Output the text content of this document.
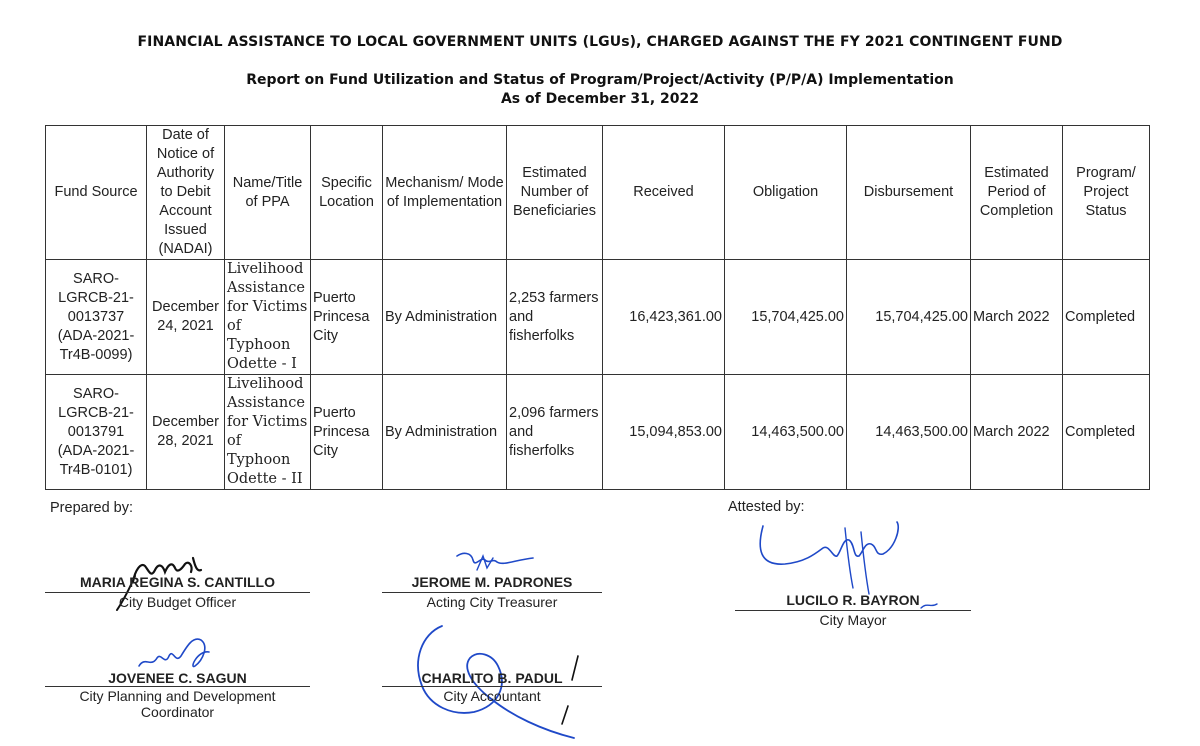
FINANCIAL ASSISTANCE TO LOCAL GOVERNMENT UNITS (LGUs), CHARGED AGAINST THE FY 2021 CONTINGENT FUND
Report on Fund Utilization and Status of Program/Project/Activity (P/P/A) Implementation
As of December 31, 2022
Fund Source	Date of Notice of Authority to Debit Account Issued (NADAI)	Name/Title of PPA	Specific Location	Mechanism/ Mode of Implementation	Estimated Number of Beneficiaries	Received	Obligation	Disbursement	Estimated Period of Completion	Program/ Project Status
SARO-LGRCB-21-0013737 (ADA-2021-Tr4B-0099)	December 24, 2021	Livelihood Assistance for Victims of Typhoon Odette - I	Puerto Princesa City	By Administration	2,253 farmers and fisherfolks	16,423,361.00	15,704,425.00	15,704,425.00	March 2022	Completed
SARO-LGRCB-21-0013791 (ADA-2021-Tr4B-0101)	December 28, 2021	Livelihood Assistance for Victims of Typhoon Odette - II	Puerto Princesa City	By Administration	2,096 farmers and fisherfolks	15,094,853.00	14,463,500.00	14,463,500.00	March 2022	Completed
Prepared by:	Attested by:
MARIA REGINA S. CANTILLO
City Budget Officer
JEROME M. PADRONES
Acting City Treasurer	LUCILO R. BAYRON
City Mayor
JOVENEE C. SAGUN
City Planning and Development Coordinator
CHARLITO B. PADUL
City Accountant
